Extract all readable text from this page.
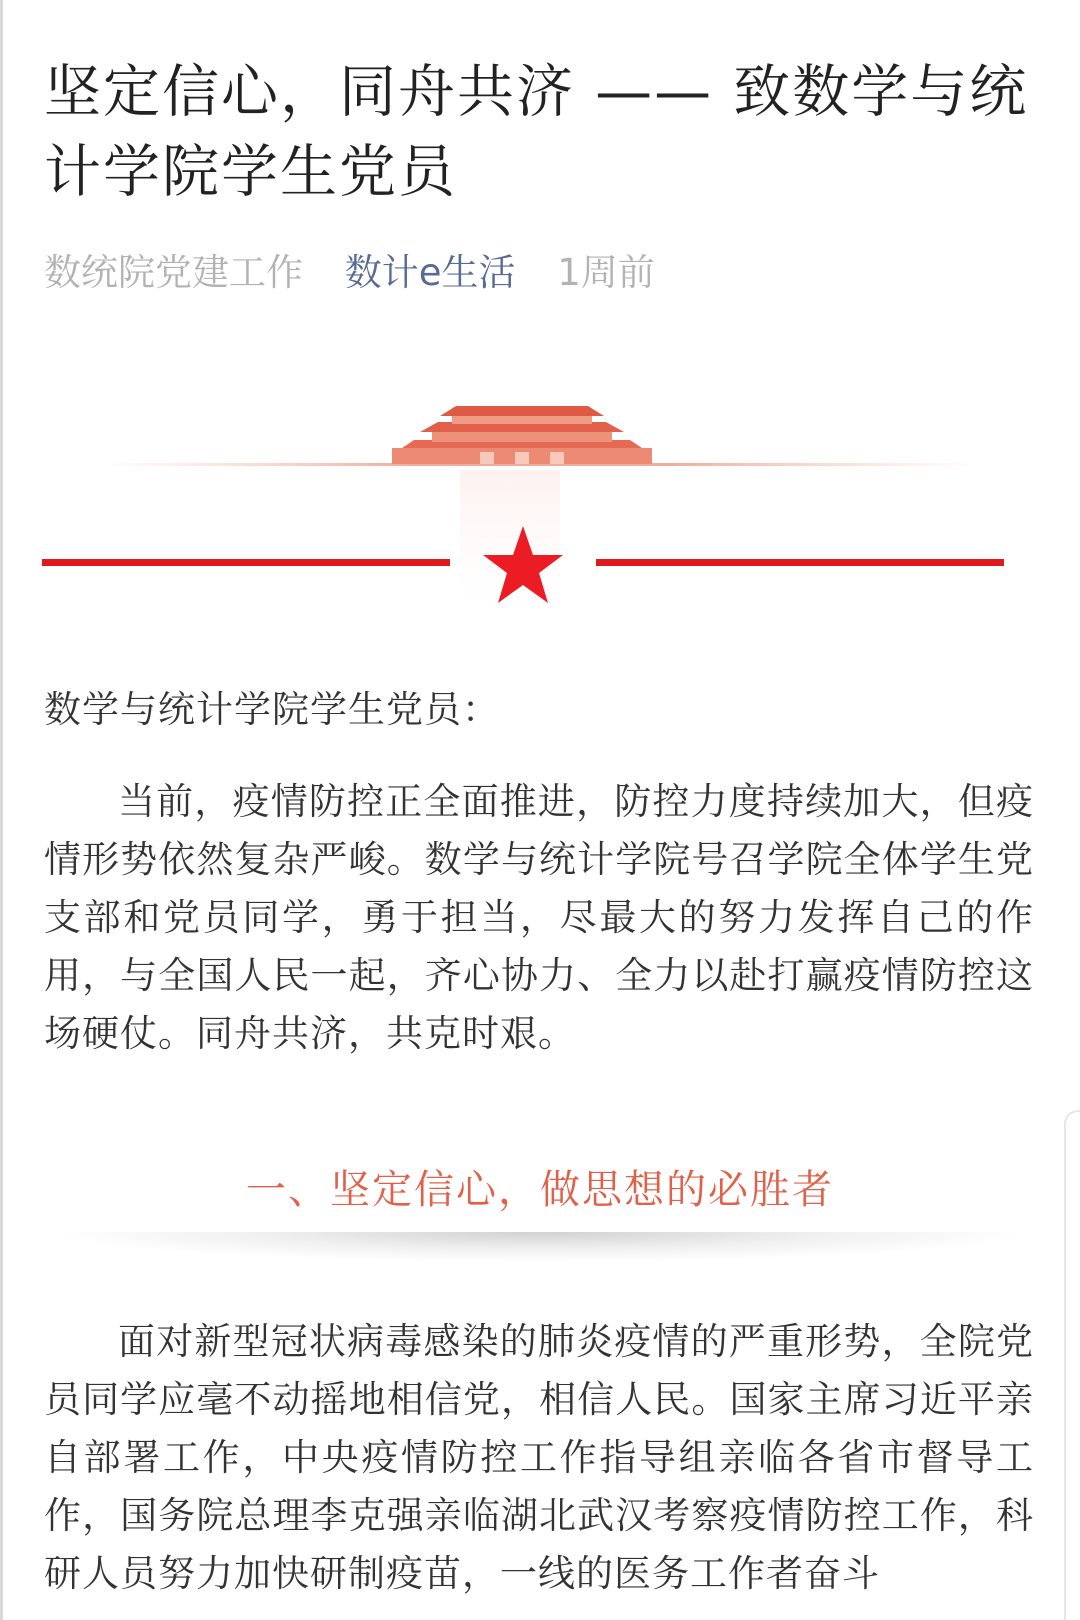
坚定信心，同舟共济 —— 致数学与统计学院学生党员
数统院党建工作 数计e生活 1周前
数学与统计学院学生党员：

当前，疫情防控正全面推进，防控力度持续加大，但疫情形势依然复杂严峻。数学与统计学院号召学院全体学生党支部和党员同学，勇于担当，尽最大的努力发挥自己的作用，与全国人民一起，齐心协力、全力以赴打赢疫情防控这场硬仗。同舟共济，共克时艰。

一、坚定信心，做思想的必胜者

面对新型冠状病毒感染的肺炎疫情的严重形势，全院党员同学应毫不动摇地相信党，相信人民。国家主席习近平亲自部署工作，中央疫情防控工作指导组亲临各省市督导工作，国务院总理李克强亲临湖北武汉考察疫情防控工作，科研人员努力加快研制疫苗，一线的医务工作者奋斗
